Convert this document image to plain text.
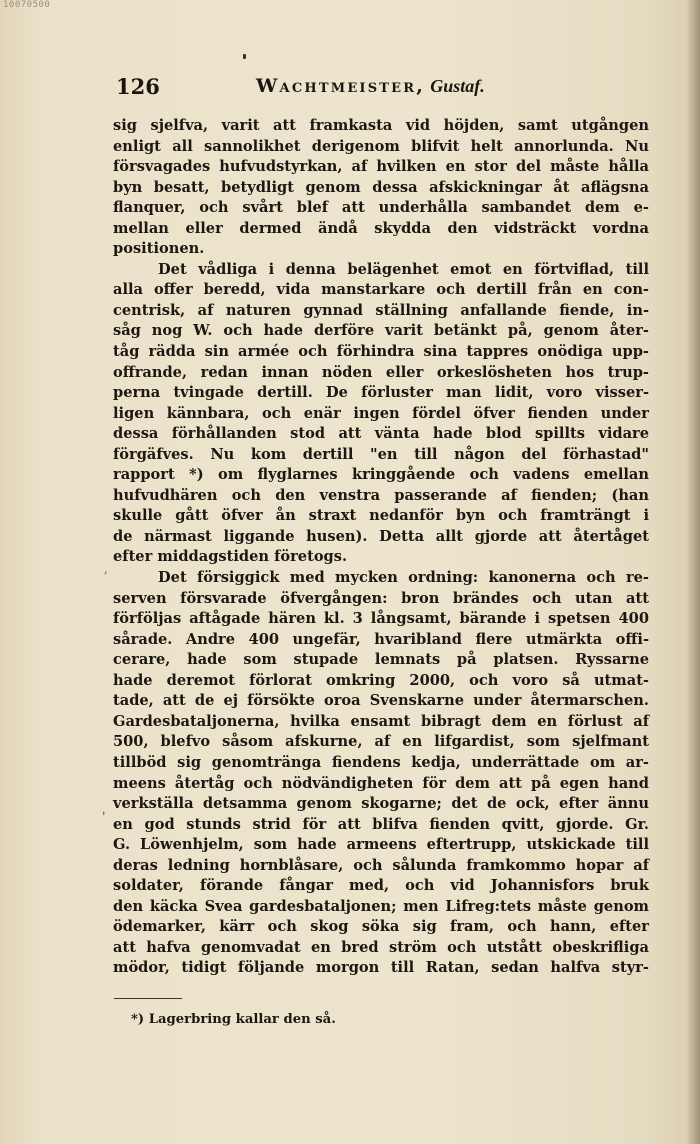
10070500
126	Wachtmeister, Gustaf.
sig sjelfva, varit att framkasta vid höjden, samt utgången
enligt all sannolikhet derigenom blifvit helt annorlunda. Nu
försvagades hufvudstyrkan, af hvilken en stor del måste hålla
byn besatt, betydligt genom dessa afskickningar åt aflägsna
flanquer, och svårt blef att underhålla sambandet dem e-
mellan eller dermed ändå skydda den vidsträckt vordna
positionen.
Det vådliga i denna belägenhet emot en förtviflad, till
alla offer beredd, vida manstarkare och dertill från en con-
centrisk, af naturen gynnad ställning anfallande fiende, in-
såg nog W. och hade derföre varit betänkt på, genom åter-
tåg rädda sin armée och förhindra sina tappres onödiga upp-
offrande, redan innan nöden eller orkeslösheten hos trup-
perna tvingade dertill. De förluster man lidit, voro visser-
ligen kännbara, och enär ingen fördel öfver fienden under
dessa förhållanden stod att vänta hade blod spillts vidare
förgäfves. Nu kom dertill "en till någon del förhastad"
rapport *) om flyglarnes kringgående och vadens emellan
hufvudhären och den venstra passerande af fienden; (han
skulle gått öfver ån straxt nedanför byn och framträngt i
de närmast liggande husen). Detta allt gjorde att återtåget
efter middagstiden företogs.
Det försiggick med mycken ordning: kanonerna och re-
serven försvarade öfvergången: bron brändes och utan att
förföljas aftågade hären kl. 3 långsamt, bärande i spetsen 400
sårade. Andre 400 ungefär, hvaribland flere utmärkta offi-
cerare, hade som stupade lemnats på platsen. Ryssarne
hade deremot förlorat omkring 2000, och voro så utmat-
tade, att de ej försökte oroa Svenskarne under återmarschen.
Gardesbataljonerna, hvilka ensamt bibragt dem en förlust af
500, blefvo såsom afskurne, af en lifgardist, som sjelfmant
tillböd sig genomtränga fiendens kedja, underrättade om ar-
meens återtåg och nödvändigheten för dem att på egen hand
verkställa detsamma genom skogarne; det de ock, efter ännu
en god stunds strid för att blifva fienden qvitt, gjorde. Gr.
G. Löwenhjelm, som hade armeens eftertrupp, utskickade till
deras ledning hornblåsare, och sålunda framkommo hopar af
soldater, förande fångar med, och vid Johannisfors bruk
den käcka Svea gardesbataljonen; men Lifreg:tets måste genom
ödemarker, kärr och skog söka sig fram, och hann, efter
att hafva genomvadat en bred ström och utstått obeskrifliga
mödor, tidigt följande morgon till Ratan, sedan halfva styr-
,
'
*) Lagerbring kallar den så.
